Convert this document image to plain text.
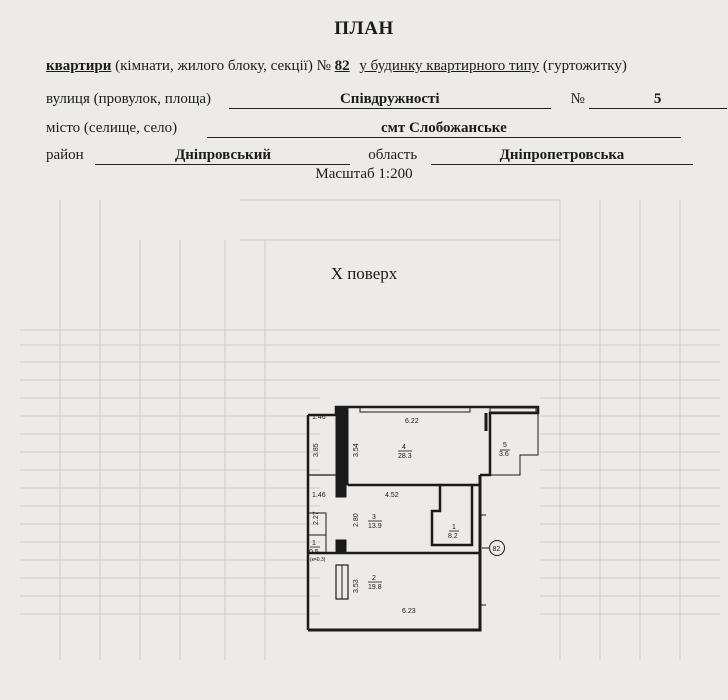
ПЛАН
квартири (кімнати, жилого блоку, секції) № 82 у будинку квартирного типу (гуртожитку)
вулиця (провулок, площа)	Співдружності	№	5
місто (селище, село)	смт Слобожанське
район	Дніпровський	область	Дніпропетровська
Масштаб 1:200
X поверх
1.46
6.22
3.85	3.54	4
28.3
5
3.6
1.46	4.52
2.27	2.80 3
13.9	1
8.2
1
0.5
(к=0.3)
3.53
2
19.8
6.23
82
